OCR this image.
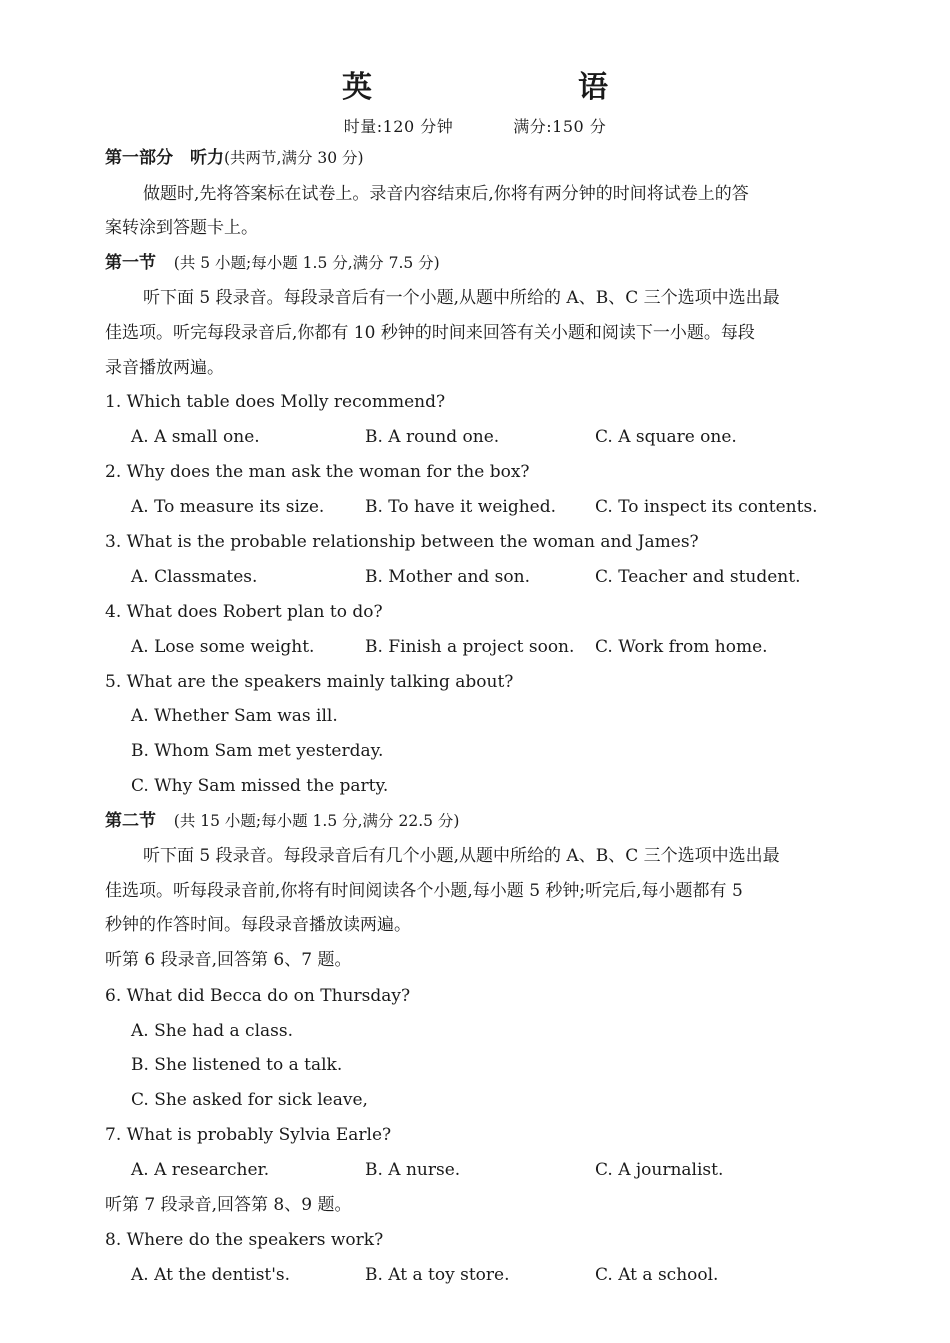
英　语
时量:120 分钟	满分:150 分
第一部分　听力(共两节,满分 30 分)
做题时,先将答案标在试卷上。录音内容结束后,你将有两分钟的时间将试卷上的答
案转涂到答题卡上。
第一节 (共 5 小题;每小题 1.5 分,满分 7.5 分)
听下面 5 段录音。每段录音后有一个小题,从题中所给的 A、B、C 三个选项中选出最
佳选项。听完每段录音后,你都有 10 秒钟的时间来回答有关小题和阅读下一小题。每段
录音播放两遍。
1. Which table does Molly recommend?
A. A small one.	B. A round one.	C. A square one.
2. Why does the man ask the woman for the box?
A. To measure its size. B. To have it weighed. C. To inspect its contents.
3. What is the probable relationship between the woman and James?
A. Classmates.	B. Mother and son.	C. Teacher and student.
4. What does Robert plan to do?
A. Lose some weight.	B. Finish a project soon. C. Work from home.
5. What are the speakers mainly talking about?
A. Whether Sam was ill.
B. Whom Sam met yesterday.
C. Why Sam missed the party.
第二节 (共 15 小题;每小题 1.5 分,满分 22.5 分)
听下面 5 段录音。每段录音后有几个小题,从题中所给的 A、B、C 三个选项中选出最
佳选项。听每段录音前,你将有时间阅读各个小题,每小题 5 秒钟;听完后,每小题都有 5
秒钟的作答时间。每段录音播放读两遍。
听第 6 段录音,回答第 6、7 题。
6. What did Becca do on Thursday?
A. She had a class.
B. She listened to a talk.
C. She asked for sick leave,
7. What is probably Sylvia Earle?
A. A researcher.	B. A nurse.	C. A journalist.
听第 7 段录音,回答第 8、9 题。
8. Where do the speakers work?
A. At the dentist's.	B. At a toy store.	C. At a school.
